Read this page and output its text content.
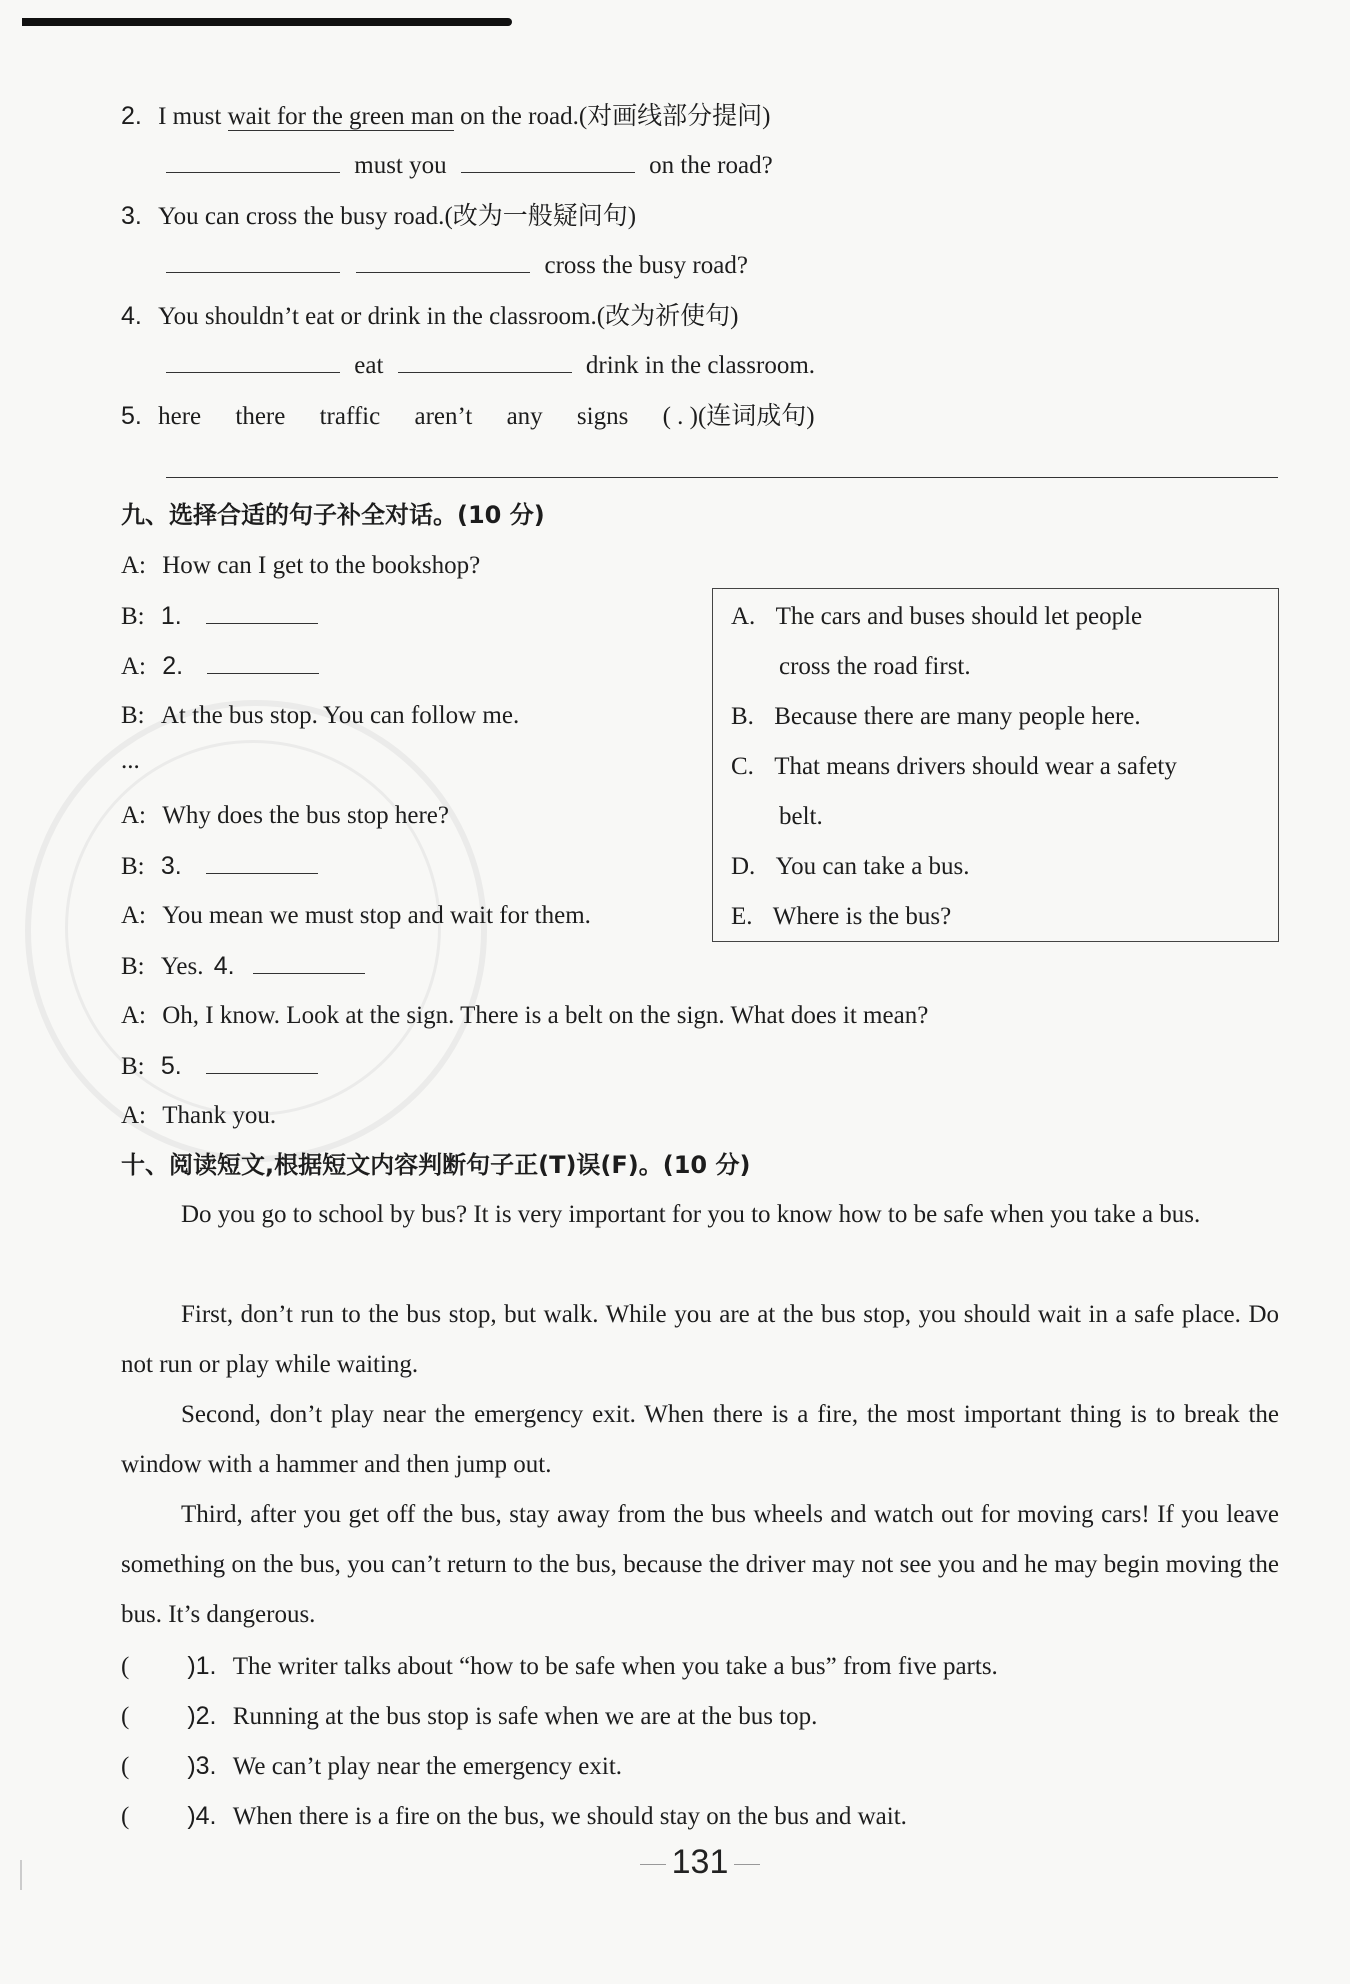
2. I must wait for the green man on the road.(对画线部分提问)
must you	on the road?
3. You can cross the busy road.(改为一般疑问句)
cross the busy road?
4. You shouldn’t eat or drink in the classroom.(改为祈使句)
eat	drink in the classroom.
5. here there traffic aren’t any signs ( . )(连词成句)
九、选择合适的句子补全对话。(10 分)
A: How can I get to the bookshop?
B: 1.
A: 2.
B: At the bus stop. You can follow me.
...
A: Why does the bus stop here?
B: 3.
A: You mean we must stop and wait for them.
B: Yes. 4.
A: Oh, I know. Look at the sign. There is a belt on the sign. What does it mean?
B: 5.
A: Thank you.
A. The cars and buses should let people
cross the road first.
B. Because there are many people here.
C. That means drivers should wear a safety
belt.
D. You can take a bus.
E. Where is the bus?
十、阅读短文,根据短文内容判断句子正(T)误(F)。(10 分)
Do you go to school by bus? It is very important for you to know how to be safe when you take a bus.
First, don’t run to the bus stop, but walk. While you are at the bus stop, you should wait in a safe place. Do not run or play while waiting.
Second, don’t play near the emergency exit. When there is a fire, the most important thing is to break the window with a hammer and then jump out.
Third, after you get off the bus, stay away from the bus wheels and watch out for moving cars! If you leave something on the bus, you can’t return to the bus, because the driver may not see you and he may begin moving the bus. It’s dangerous.
( )1. The writer talks about “how to be safe when you take a bus” from five parts.
( )2. Running at the bus stop is safe when we are at the bus top.
( )3. We can’t play near the emergency exit.
( )4. When there is a fire on the bus, we should stay on the bus and wait.
131
